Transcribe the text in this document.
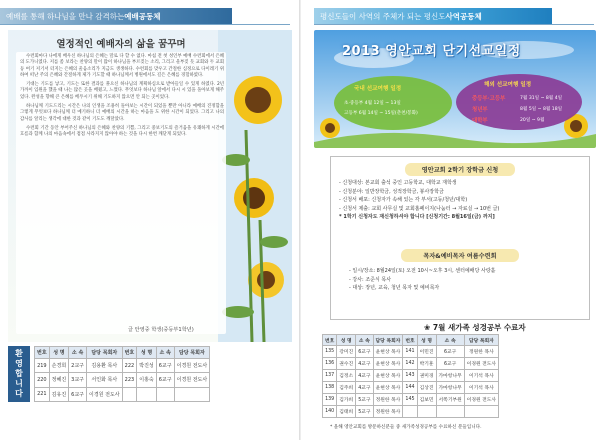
예배를 통해 하나님을 만나 감격하는 예배공동체
열정적인 예배자의 삶을 꿈꾸며

수련회마다 나에게 배우신 하나님의 은혜는 말로 다 할 수 없다. 마침 전 첫 성인부 예배 수련회에서 은혜의 도가니였다. 저를 좀 보라는 찬양의 말이 많이 하나님을 부르짖는 소리, 그리고 울부짖 듯 교회와 두 교회 등 여기 저기서 터지는 은혜의 울음소리가 지금도 생생하다. 수련회를 맞우고 간절한 심정으로 다이레기 위하여 떠난 주의 은혜와 간절하게 제가 기도할 때 하나님께서 병원에서도 길은 은혜를 경험하였다.

기대는 기도를 낳고, 기도는 또한 결과를 풀으신 하나님의 계획하심으로 받아들일 수 있게 하였다. 2년 가까이 입원을 했을 때 나는 많은 곳을 배웠고, 느꼈다. 무엇보다 하나님 앞에서 다시 시 있을 돌아보게 해주었다. 완성을 향해 큰 은혜를 베푸시기 위해 기도하지 않으면 안 되는 곳이었다.

하나님께 기도드리는 시간은 나의 인생을 조용히 돌아보는 시간이 되었을 뿐만 아니라 예배의 진정함을 그렇게 무엇보다 하나님께 더 예기하니 더 예배의 시간을 하는 마음을 도 위한 시간이 되었다. 그리고 나의 감사를 알리는 생각에 대한 것과 같이 기도도 깨달았다.

수련회 기간 동안 부어주신 하나님의 은혜와 찬양의 기쁨, 그리고 중보기도의 즐거움을 유쾌하게 시간에 흐름과 함께 나의 마음속에서 점점 사라지지 않아야 하는 것을 다시 한번 깨닫게 되었다.

글 안영중 학생(중등부1학년)
환
영
합
니
다
번호	성 명	소 속	담당 목회자	번호	성 명	소 속	담당 목회자
219	손경희	2교구	김용환 목사	222	박진성	6교구	이경원 전도사
220	정혜진	3교구	서인화 목사	223	이홍숙	6교구	이경원 전도사
221	김유진	6교구	이경원 전도사				
평신도들이 사역의 주체가 되는 평신도 사역공동체
2013 영안교회 단기선교일정
국내 선교여행 일정
초·중등부 4월 12일 ~ 13일
고등부 6월 14일 ~ 15일(춘천/봉화)
해외 선교여행 일정
중등부·고등부	7월 31일 ~ 8월 4일
청년부	8월 5일 ~ 8월 18일
대학부	20일 ~ 9월
영안교회 2학기 장학금 신청
- 신청대상: 본교회 출석 중인 고등학교, 대학교 재학생
- 신청분야: 일반장학금, 성적장학금, 봉사장학금
- 신청서 배포: 신청자가 속해 있는 각 부서(고등/청년/대학)
- 신청서 제출: 교회 사무실 및 교회홈페이지(나눔터 → 자료실 → 10번 글)
* 1학기 신청자도 재신청하셔야 합니다 [신청기간: 8월16일(금) 까지]
목자&예비목자 여름수련회
- 일시/장소: 8월24일(토) 오전 10시~오후 3시, 센터예배당 사랑홀
- 강사: 조준식 목사
- 대상: 장년, 교육, 청년 목자 및 예비목자
❀ 7월 새가족 성경공부 수료자
번호	성 명	소 속	담당 목회자	번호	성 명	소 속	담당 목회자
135	강미진	6교구	윤현상 목사	141	이민진	6교구	정원한 목사
136	권수진	4교구	윤현상 목사	142	박기훈	6교구	이경원 전도사
137	김정소	4교구	윤현상 목사	143	권미경	가마항나무	이기석 목사
138	김주희	4교구	윤현상 목사	144	김상진	가마항나무	이기석 목사
139	김가희	5교구	정원한 목사	145	김보민	서쪽기부원	이경원 전도사
140	김태희	5교구	정원한 목사				
* 올해 영안교회를 방문하신분들 중 새가족성경공부를 수료하신 분들입니다.
